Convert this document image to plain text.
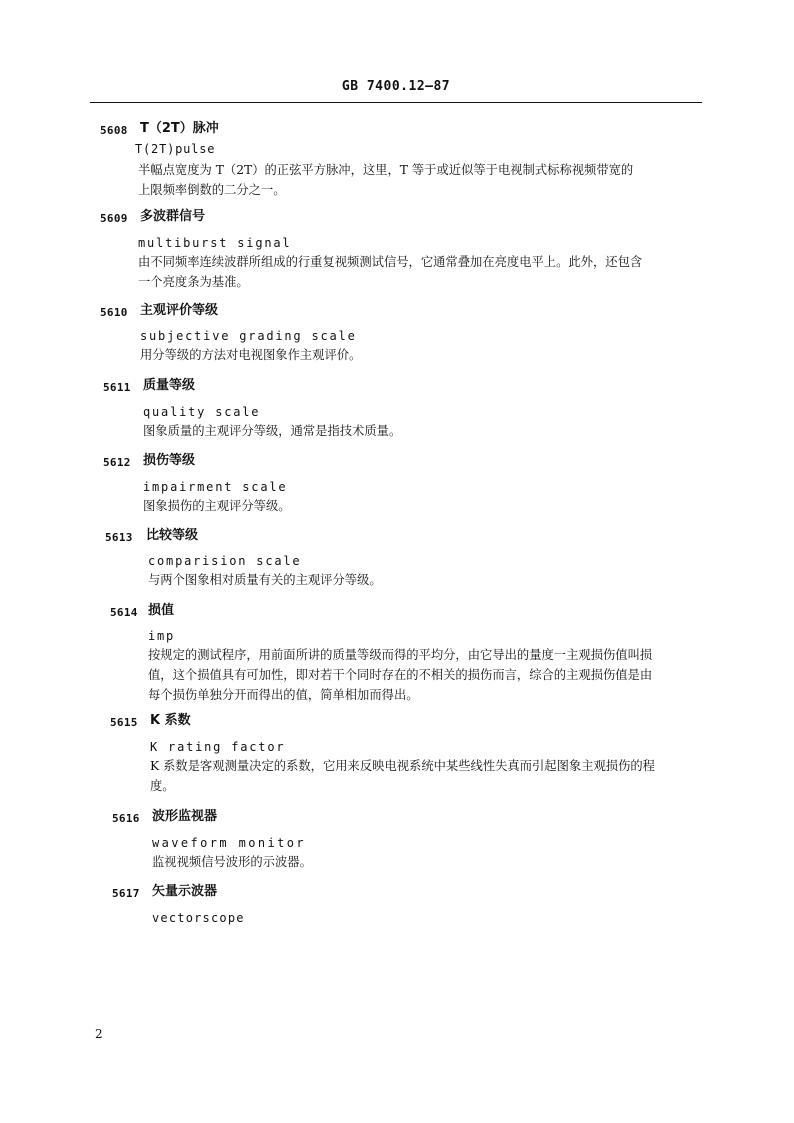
GB 7400.12—87
5608 T（2T）脉冲
T(2T)pulse
半幅点宽度为 T（2T）的正弦平方脉冲，这里，T 等于或近似等于电视制式标称视频带宽的
上限频率倒数的二分之一。
5609 多波群信号
multiburst signal
由不同频率连续波群所组成的行重复视频测试信号，它通常叠加在亮度电平上。此外，还包含
一个亮度条为基准。
5610 主观评价等级
subjective grading scale
用分等级的方法对电视图象作主观评价。
5611 质量等级
quality scale
图象质量的主观评分等级，通常是指技术质量。
5612 损伤等级
impairment scale
图象损伤的主观评分等级。
5613 比较等级
comparision scale
与两个图象相对质量有关的主观评分等级。
5614 损值
imp
按规定的测试程序，用前面所讲的质量等级而得的平均分，由它导出的量度一主观损伤值叫损
值，这个损值具有可加性，即对若干个同时存在的不相关的损伤而言，综合的主观损伤值是由
每个损伤单独分开而得出的值，简单相加而得出。
5615 K 系数
K rating factor
K 系数是客观测量决定的系数，它用来反映电视系统中某些线性失真而引起图象主观损伤的程
度。
5616 波形监视器
waveform monitor
监视视频信号波形的示波器。
5617 矢量示波器
vectorscope
2
